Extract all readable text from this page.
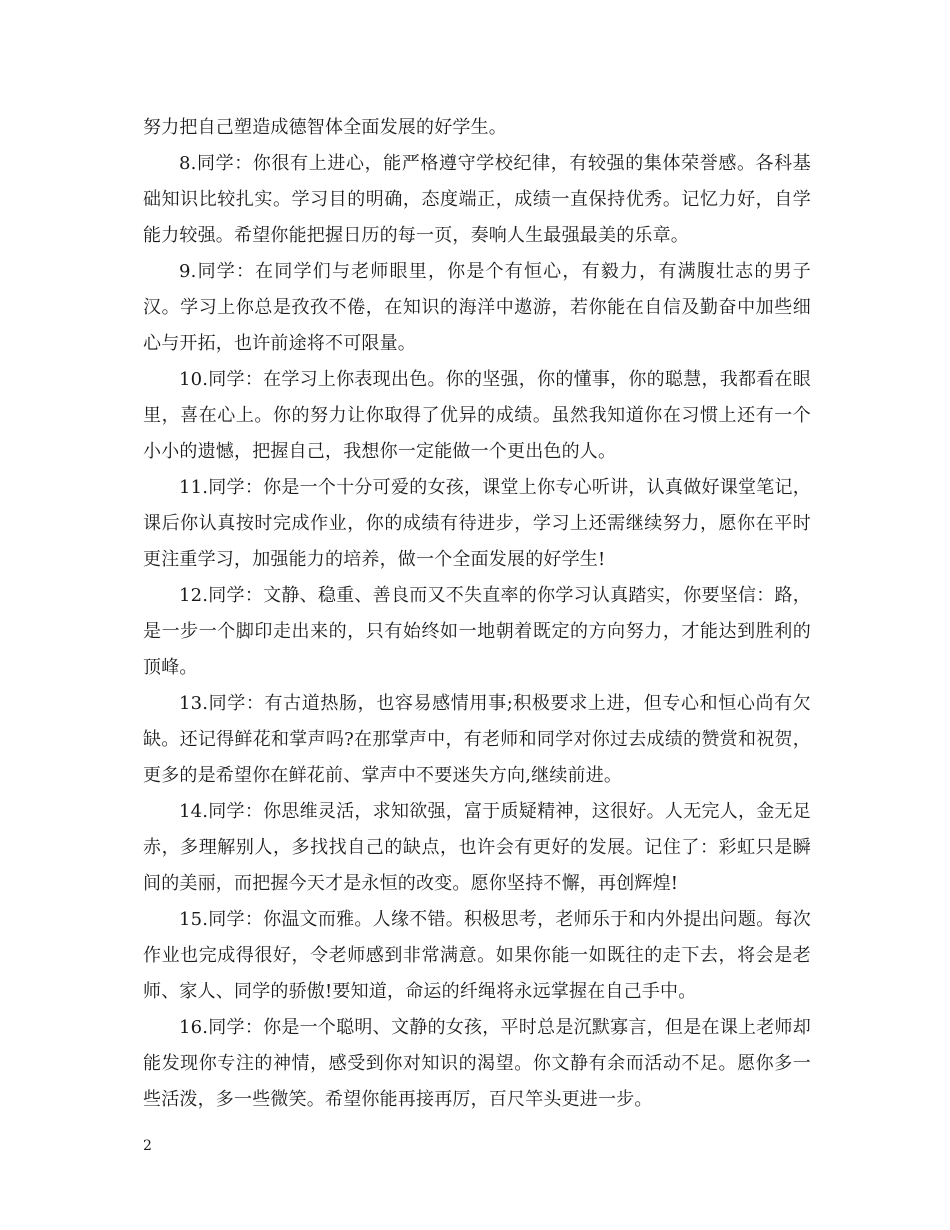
努力把自己塑造成德智体全面发展的好学生。

8.同学：你很有上进心，能严格遵守学校纪律，有较强的集体荣誉感。各科基础知识比较扎实。学习目的明确，态度端正，成绩一直保持优秀。记忆力好，自学能力较强。希望你能把握日历的每一页，奏响人生最强最美的乐章。

9.同学：在同学们与老师眼里，你是个有恒心，有毅力，有满腹壮志的男子汉。学习上你总是孜孜不倦，在知识的海洋中遨游，若你能在自信及勤奋中加些细心与开拓，也许前途将不可限量。

10.同学：在学习上你表现出色。你的坚强，你的懂事，你的聪慧，我都看在眼里，喜在心上。你的努力让你取得了优异的成绩。虽然我知道你在习惯上还有一个小小的遗憾，把握自己，我想你一定能做一个更出色的人。

11.同学：你是一个十分可爱的女孩，课堂上你专心听讲，认真做好课堂笔记，课后你认真按时完成作业，你的成绩有待进步，学习上还需继续努力，愿你在平时更注重学习，加强能力的培养，做一个全面发展的好学生!

12.同学：文静、稳重、善良而又不失直率的你学习认真踏实，你要坚信：路，是一步一个脚印走出来的，只有始终如一地朝着既定的方向努力，才能达到胜利的顶峰。

13.同学：有古道热肠，也容易感情用事;积极要求上进，但专心和恒心尚有欠缺。还记得鲜花和掌声吗?在那掌声中，有老师和同学对你过去成绩的赞赏和祝贺，更多的是希望你在鲜花前、掌声中不要迷失方向,继续前进。

14.同学：你思维灵活，求知欲强，富于质疑精神，这很好。人无完人，金无足赤，多理解别人，多找找自己的缺点，也许会有更好的发展。记住了：彩虹只是瞬间的美丽，而把握今天才是永恒的改变。愿你坚持不懈，再创辉煌!

15.同学：你温文而雅。人缘不错。积极思考，老师乐于和内外提出问题。每次作业也完成得很好，令老师感到非常满意。如果你能一如既往的走下去，将会是老师、家人、同学的骄傲!要知道，命运的纤绳将永远掌握在自己手中。

16.同学：你是一个聪明、文静的女孩，平时总是沉默寡言，但是在课上老师却能发现你专注的神情，感受到你对知识的渴望。你文静有余而活动不足。愿你多一些活泼，多一些微笑。希望你能再接再厉，百尺竿头更进一步。

2
